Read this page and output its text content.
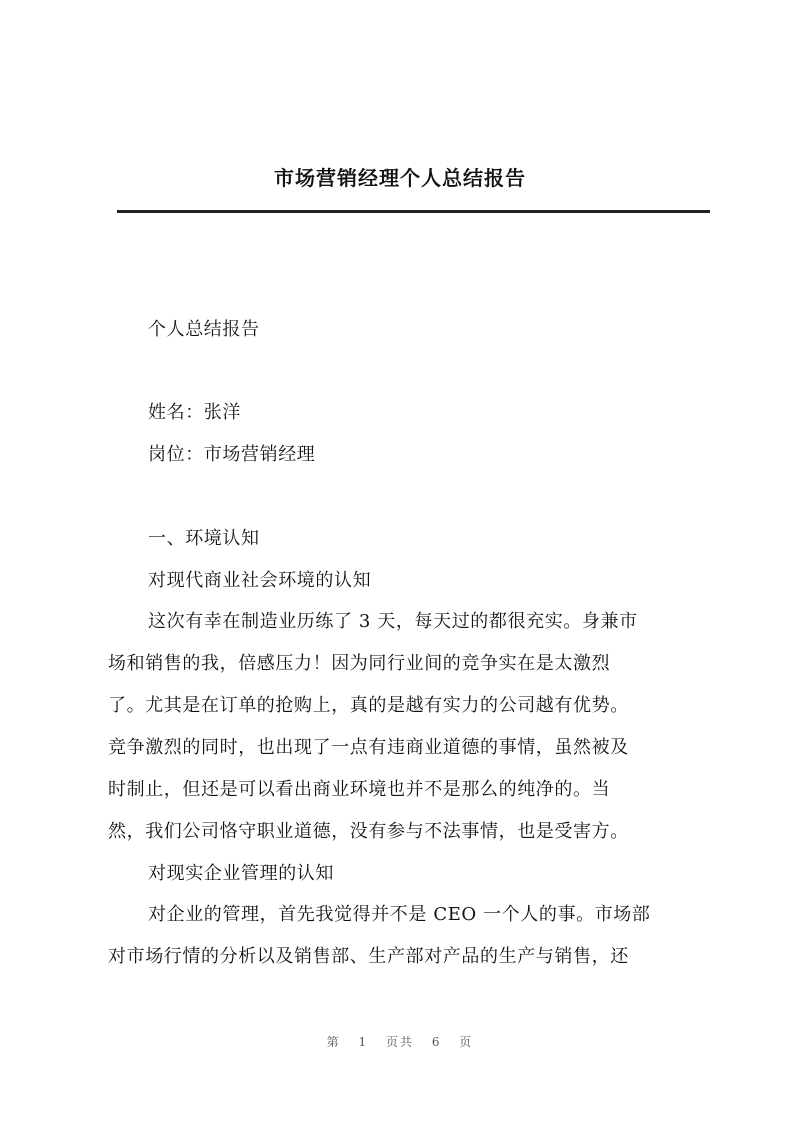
市场营销经理个人总结报告
个人总结报告
姓名：张洋
岗位：市场营销经理
一、环境认知
对现代商业社会环境的认知
这次有幸在制造业历练了 3 天，每天过的都很充实。身兼市
场和销售的我，倍感压力！因为同行业间的竞争实在是太激烈
了。尤其是在订单的抢购上，真的是越有实力的公司越有优势。
竞争激烈的同时，也出现了一点有违商业道德的事情，虽然被及
时制止，但还是可以看出商业环境也并不是那么的纯净的。当
然，我们公司恪守职业道德，没有参与不法事情，也是受害方。
对现实企业管理的认知
对企业的管理，首先我觉得并不是 CEO 一个人的事。市场部
对市场行情的分析以及销售部、生产部对产品的生产与销售，还
第 1 页共 6 页
